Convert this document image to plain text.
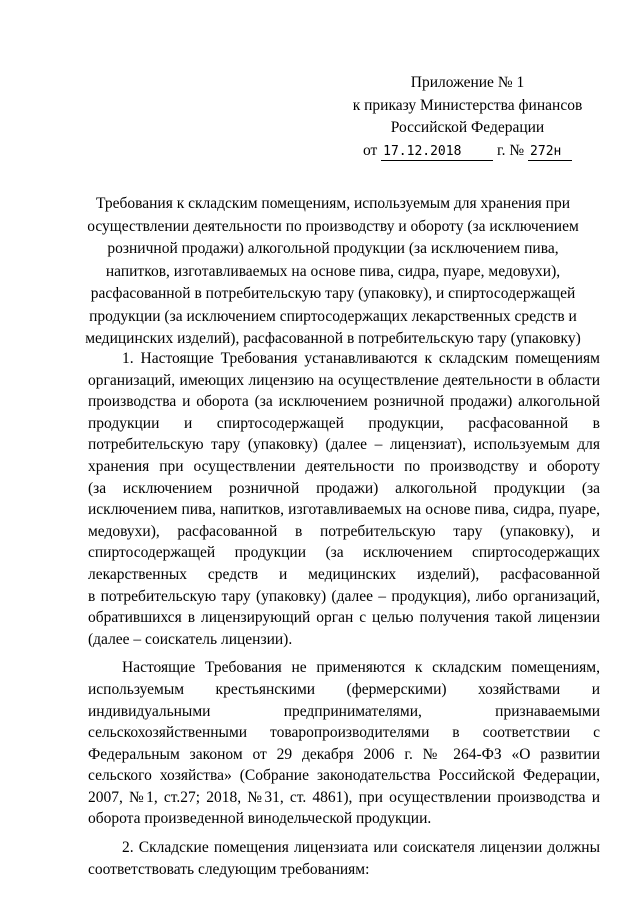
Приложение № 1
к приказу Министерства финансов
Российской Федерации
от 17.12.2018 г. № 272н
Требования к складским помещениям, используемым для хранения при
осуществлении деятельности по производству и обороту (за исключением
розничной продажи) алкогольной продукции (за исключением пива,
напитков, изготавливаемых на основе пива, сидра, пуаре, медовухи),
расфасованной в потребительскую тару (упаковку), и спиртосодержащей
продукции (за исключением спиртосодержащих лекарственных средств и
медицинских изделий), расфасованной в потребительскую тару (упаковку)

1. Настоящие Требования устанавливаются к складским помещениям
организаций, имеющих лицензию на осуществление деятельности в области
производства и оборота (за исключением розничной продажи) алкогольной
продукции и спиртосодержащей продукции, расфасованной в
потребительскую тару (упаковку) (далее – лицензиат), используемым для
хранения при осуществлении деятельности по производству и обороту
(за исключением розничной продажи) алкогольной продукции (за
исключением пива, напитков, изготавливаемых на основе пива, сидра, пуаре,
медовухи), расфасованной в потребительскую тару (упаковку), и
спиртосодержащей продукции (за исключением спиртосодержащих
лекарственных средств и медицинских изделий), расфасованной
в потребительскую тару (упаковку) (далее – продукция), либо организаций,
обратившихся в лицензирующий орган с целью получения такой лицензии
(далее – соискатель лицензии).

Настоящие Требования не применяются к складским помещениям,
используемым крестьянскими (фермерскими) хозяйствами и
индивидуальными предпринимателями, признаваемыми
сельскохозяйственными товаропроизводителями в соответствии с
Федеральным законом от 29 декабря 2006 г. № 264-ФЗ «О развитии
сельского хозяйства» (Собрание законодательства Российской Федерации,
2007, №1, ст.27; 2018, №31, ст. 4861), при осуществлении производства и
оборота произведенной винодельческой продукции.

2. Складские помещения лицензиата или соискателя лицензии должны
соответствовать следующим требованиям:
